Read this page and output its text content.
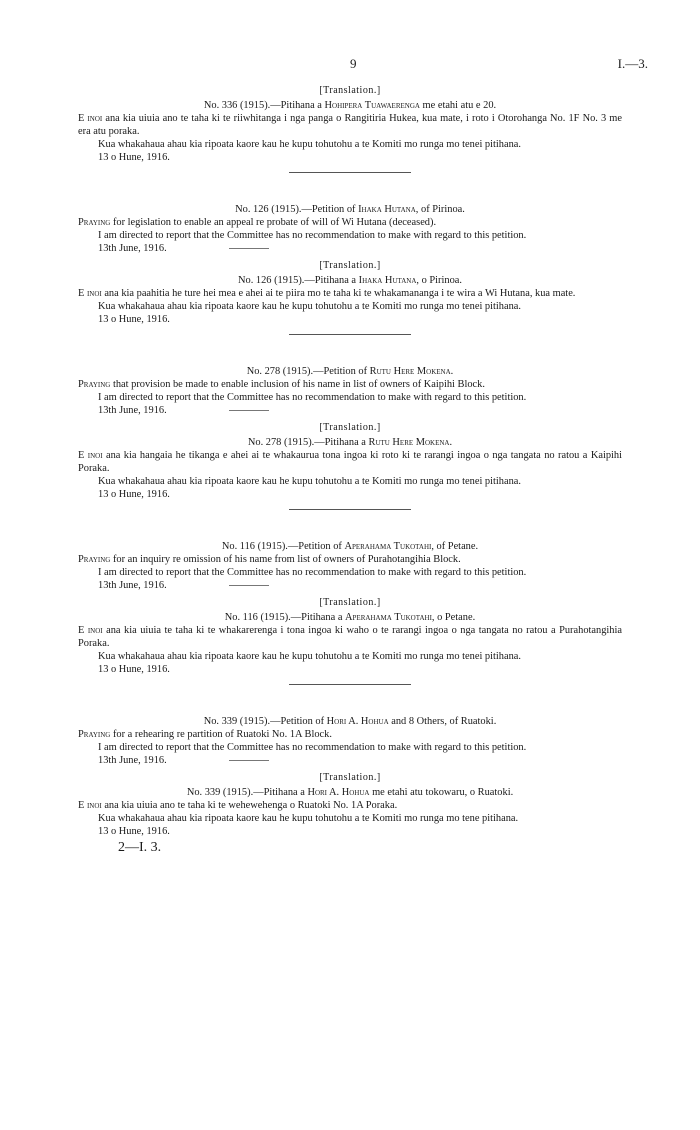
9	I.—3.
[Translation.]
No. 336 (1915).—Pitihana a Hohipera Tuawaerenga me etahi atu e 20.
E inoi ana kia uiuia ano te taha ki te riiwhitanga i nga panga o Rangitiria Hukea, kua mate, i roto i Otorohanga No. 1F No. 3 me era atu poraka.
Kua whakahaua ahau kia ripoata kaore kau he kupu tohutohu a te Komiti mo runga mo tenei pitihana.
13 o Hune, 1916.
No. 126 (1915).—Petition of Ihaka Hutana, of Pirinoa.
Praying for legislation to enable an appeal re probate of will of Wi Hutana (deceased).
I am directed to report that the Committee has no recommendation to make with regard to this petition.
13th June, 1916.
[Translation.]
No. 126 (1915).—Pitihana a Ihaka Hutana, o Pirinoa.
E inoi ana kia paahitia he ture hei mea e ahei ai te piira mo te taha ki te whakamananga i te wira a Wi Hutana, kua mate.
Kua whakahaua ahau kia ripoata kaore kau he kupu tohutohu a te Komiti mo runga mo tenei pitihana.
13 o Hune, 1916.
No. 278 (1915).—Petition of Rutu Here Mokena.
Praying that provision be made to enable inclusion of his name in list of owners of Kaipihi Block.
I am directed to report that the Committee has no recommendation to make with regard to this petition.
13th June, 1916.
[Translation.]
No. 278 (1915).—Pitihana a Rutu Here Mokena.
E inoi ana kia hangaia he tikanga e ahei ai te whakaurua tona ingoa ki roto ki te rarangi ingoa o nga tangata no ratou a Kaipihi Poraka.
Kua whakahaua ahau kia ripoata kaore kau he kupu tohutohu a te Komiti mo runga mo tenei pitihana.
13 o Hune, 1916.
No. 116 (1915).—Petition of Aperahama Tukotahi, of Petane.
Praying for an inquiry re omission of his name from list of owners of Purahotangihia Block.
I am directed to report that the Committee has no recommendation to make with regard to this petition.
13th June, 1916.
[Translation.]
No. 116 (1915).—Pitihana a Aperahama Tukotahi, o Petane.
E inoi ana kia uiuia te taha ki te whakarerenga i tona ingoa ki waho o te rarangi ingoa o nga tangata no ratou a Purahotangihia Poraka.
Kua whakahaua ahau kia ripoata kaore kau he kupu tohutohu a te Komiti mo runga mo tenei pitihana.
13 o Hune, 1916.
No. 339 (1915).—Petition of Hori A. Hohua and 8 Others, of Ruatoki.
Praying for a rehearing re partition of Ruatoki No. 1A Block.
I am directed to report that the Committee has no recommendation to make with regard to this petition.
13th June, 1916.
[Translation.]
No. 339 (1915).—Pitihana a Hori A. Hohua me etahi atu tokowaru, o Ruatoki.
E inoi ana kia uiuia ano te taha ki te wehewehenga o Ruatoki No. 1A Poraka.
Kua whakahaua ahau kia ripoata kaore kau he kupu tohutohu a te Komiti mo runga mo tene pitihana.
13 o Hune, 1916.
2—I. 3.
